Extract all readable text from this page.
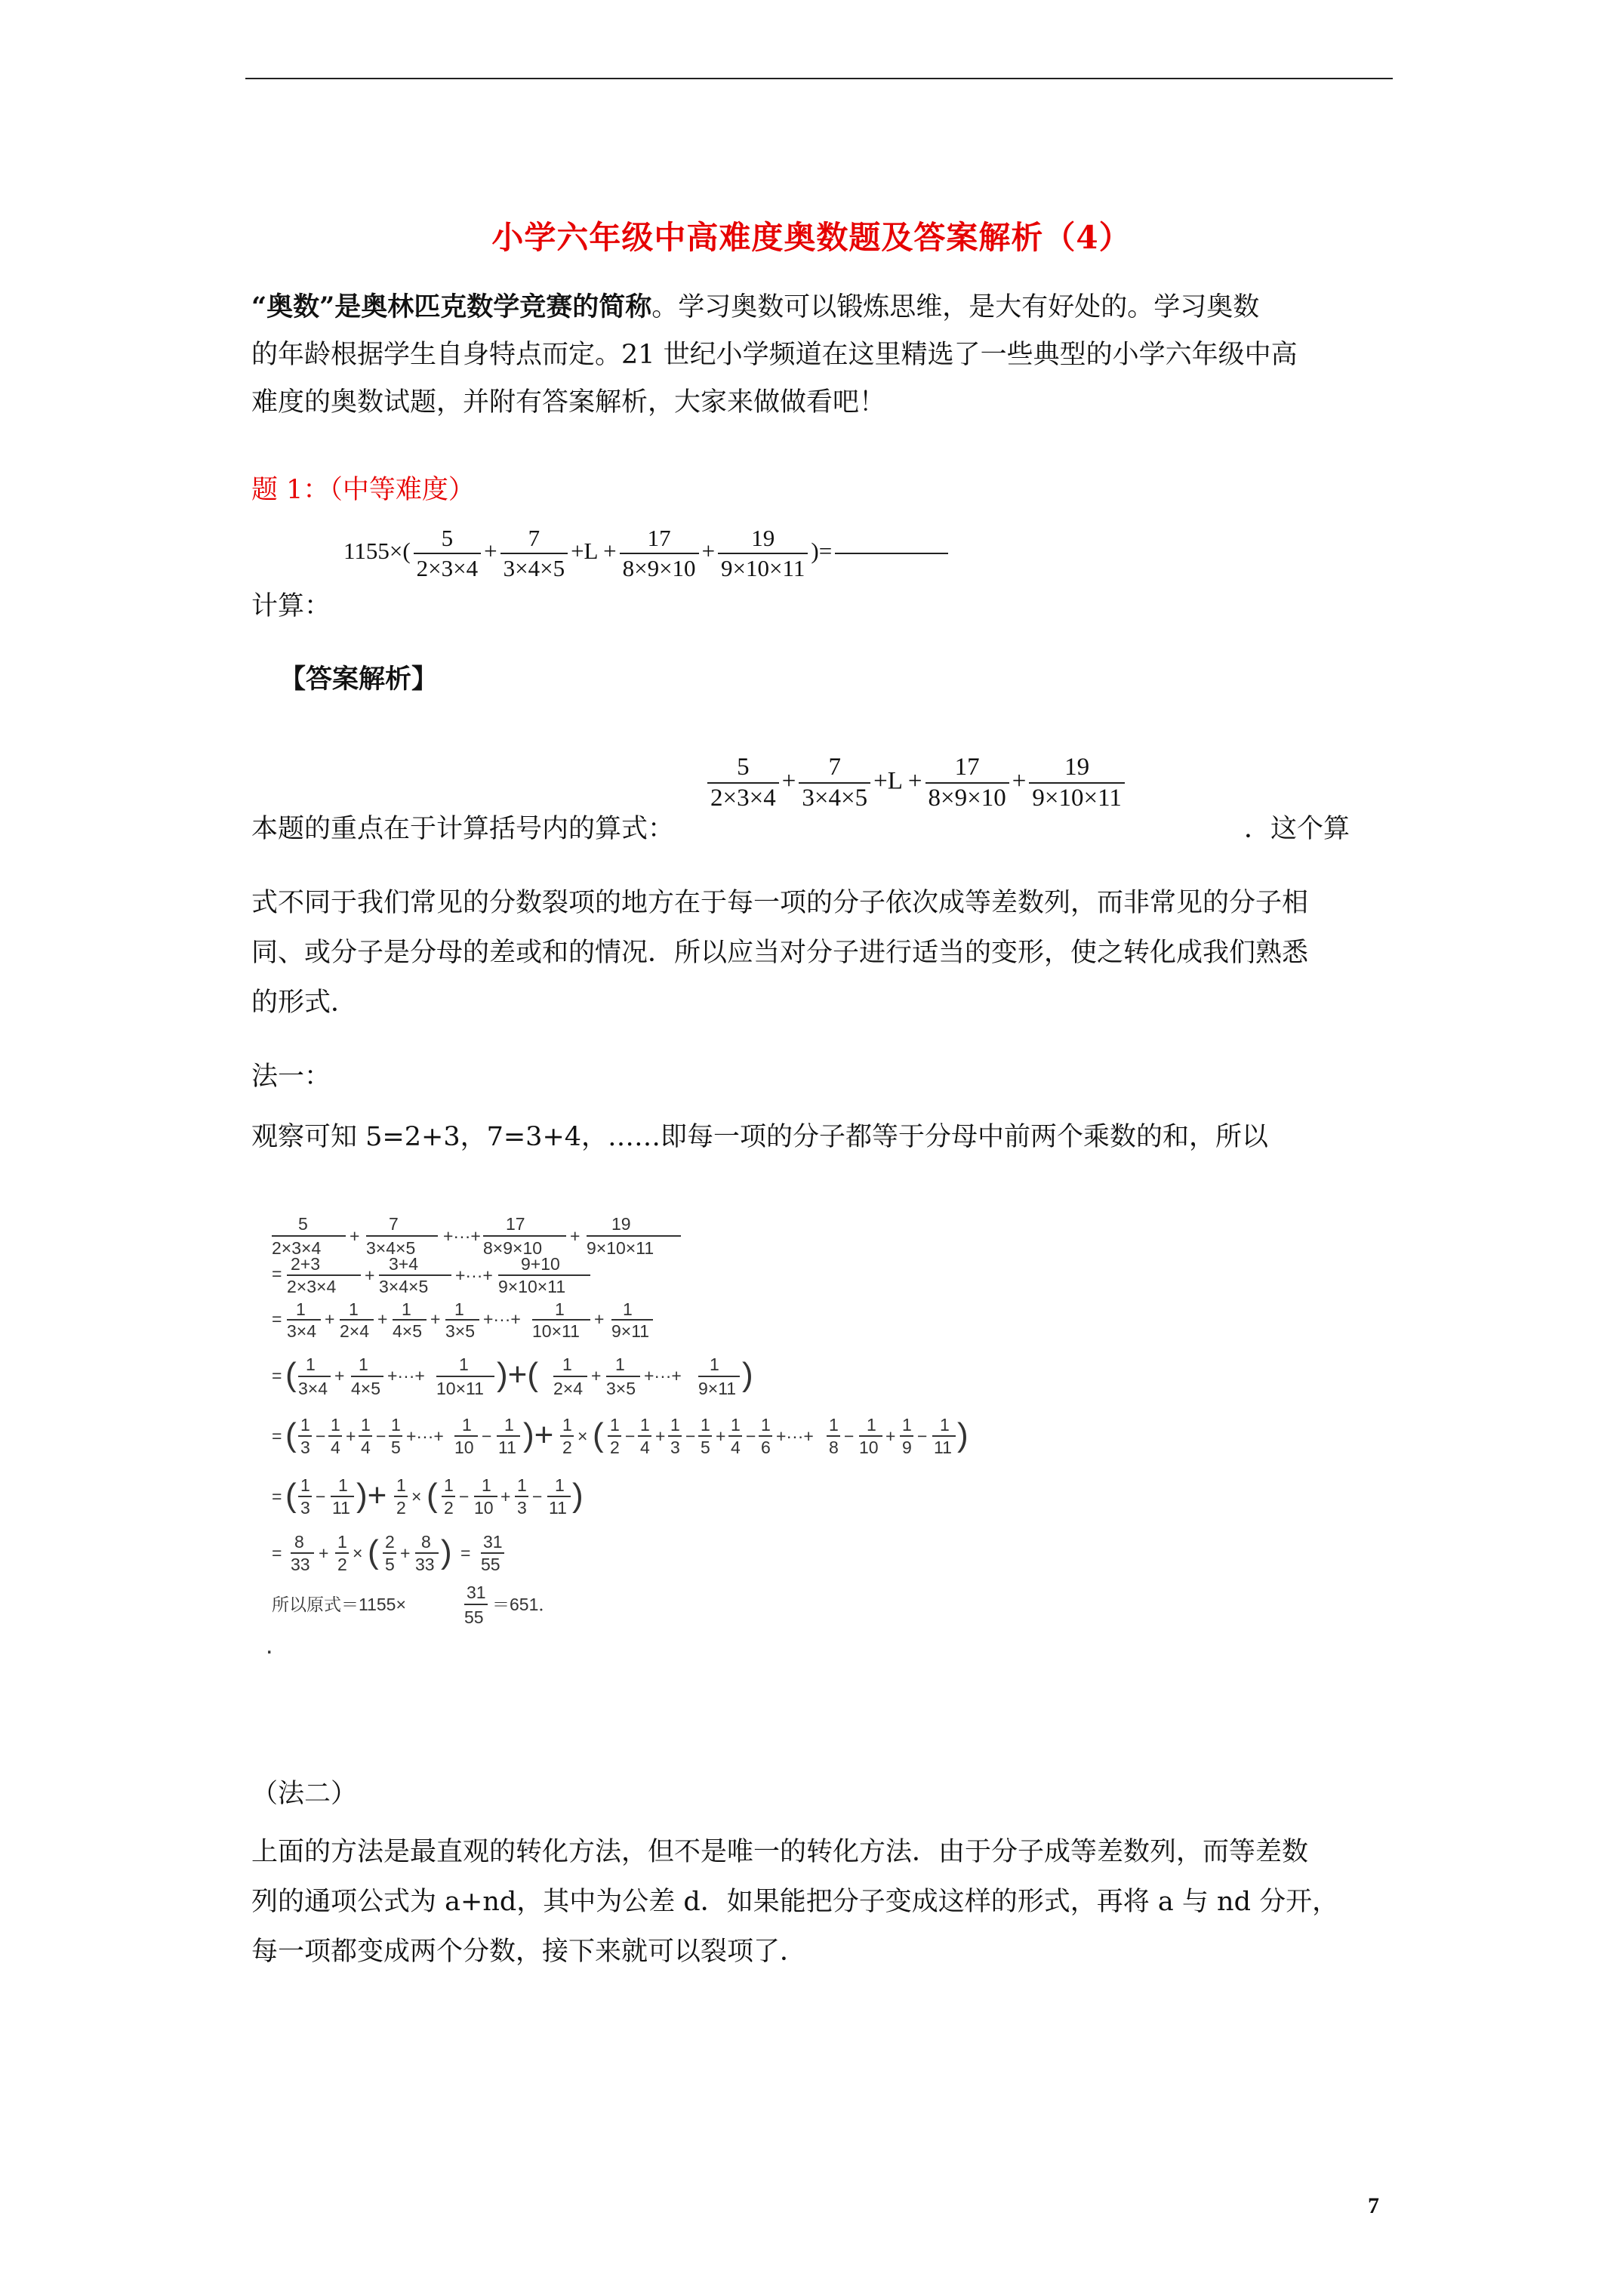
小学六年级中高难度奥数题及答案解析（4）
“奥数”是奥林匹克数学竞赛的简称。学习奥数可以锻炼思维，是大有好处的。学习奥数
的年龄根据学生自身特点而定。21 世纪小学频道在这里精选了一些典型的小学六年级中高
难度的奥数试题，并附有答案解析，大家来做做看吧！
题 1：（中等难度）
$1155\times( \frac{5}{2\times 3\times 4} + \frac{7}{3\times 4\times 5} +L + \frac{17}{8\times 9\times 10} + \frac{19}{9\times 10\times 11}$ )=
计算：
【答案解析】
本题的重点在于计算括号内的算式：
$\frac{5}{2\times 3\times 4} + \frac{7}{3\times 4\times 5} +L + \frac{17}{8\times 9\times 10} + \frac{19}{9\times 10\times 11}$
．这个算
式不同于我们常见的分数裂项的地方在于每一项的分子依次成等差数列，而非常见的分子相
同、或分子是分母的差或和的情况．所以应当对分子进行适当的变形，使之转化成我们熟悉
的形式．
法一：
观察可知 5=2+3，7=3+4，……即每一项的分子都等于分母中前两个乘数的和，所以
5
2×3×4
+
7
3×4×5
+···+
17
8×9×10
+
19
9×10×11
= 2+3
2×3×4
+
3+4
3×4×5
+···+
9+10
9×10×11
= 1
3×4
+ 1
2×4
+ 1
4×5
+ 1
3×5
+···+ 1
10×11
+ 1
9×11
= ( 1
3×4
+
1
4×5
+···+
1
10×11 )+( 1
2×4
+
1
3×5
+···+
1
9×11 )
= ( 1
3
−
1
4
+
1
4
−
1
5
+···+
1
10
−
1
11 )+ 1
2
× ( 1
2
−
1
4
+
1
3
−
1
5
+
1
4
−
1
6
+···+
1
8
−
1
10
+
1
9
−
1
11 )
= ( 1
3
−
1
11 )+ 1
2
× ( 1
2
−
1
10
+
1
3
−
1
11 )
=
8
33
+
1
2
× ( 2
5
+
8
33 ) =
31
55
所以原式＝1155×
31
55
＝651．
.
（法二）
上面的方法是最直观的转化方法，但不是唯一的转化方法．由于分子成等差数列，而等差数
列的通项公式为 a+nd，其中为公差 d．如果能把分子变成这样的形式，再将 a 与 nd 分开，
每一项都变成两个分数，接下来就可以裂项了．
7
